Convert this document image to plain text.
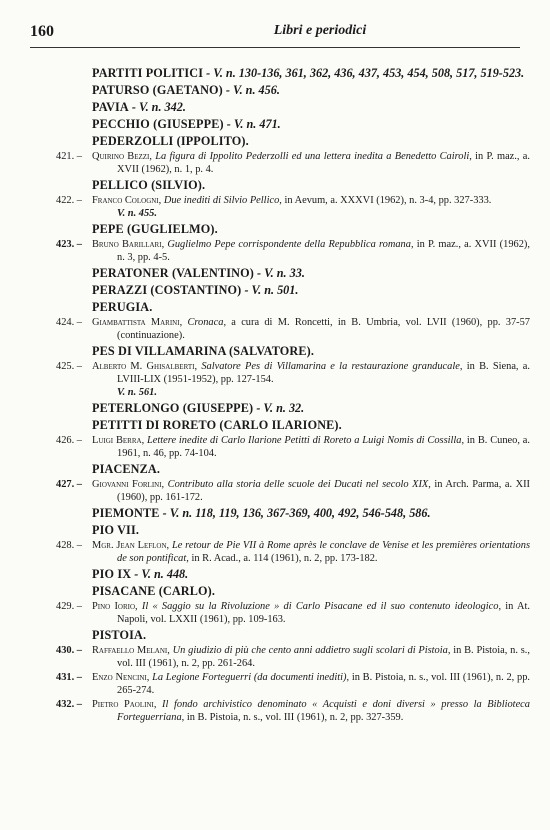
160	Libri e periodici
PARTITI POLITICI - V. n. 130-136, 361, 362, 436, 437, 453, 454, 508, 517, 519-523.
PATURSO (GAETANO) - V. n. 456.
PAVIA - V. n. 342.
PECCHIO (GIUSEPPE) - V. n. 471.
PEDERZOLLI (IPPOLITO).
421. – Quirino Bezzi, La figura di Ippolito Pederzolli ed una lettera inedita a Benedetto Cairoli, in P. maz., a. XVII (1962), n. 1, p. 4.
PELLICO (SILVIO).
422. – Franco Cologni, Due inediti di Silvio Pellico, in Aevum, a. XXXVI (1962), n. 3-4, pp. 327-333.
V. n. 455.
PEPE (GUGLIELMO).
423. – Bruno Barillari, Guglielmo Pepe corrispondente della Repubblica romana, in P. maz., a. XVII (1962), n. 3, pp. 4-5.
PERATONER (VALENTINO) - V. n. 33.
PERAZZI (COSTANTINO) - V. n. 501.
PERUGIA.
424. – Giambattista Marini, Cronaca, a cura di M. Roncetti, in B. Umbria, vol. LVII (1960), pp. 37-57 (continuazione).
PES DI VILLAMARINA (SALVATORE).
425. – Alberto M. Ghisalberti, Salvatore Pes di Villamarina e la restaurazione granducale, in B. Siena, a. LVIII-LIX (1951-1952), pp. 127-154.
V. n. 561.
PETERLONGO (GIUSEPPE) - V. n. 32.
PETITTI DI RORETO (CARLO ILARIONE).
426. – Luigi Berra, Lettere inedite di Carlo Ilarione Petitti di Roreto a Luigi Nomis di Cossilla, in B. Cuneo, a. 1961, n. 46, pp. 74-104.
PIACENZA.
427. – Giovanni Forlini, Contributo alla storia delle scuole dei Ducati nel secolo XIX, in Arch. Parma, a. XII (1960), pp. 161-172.
PIEMONTE - V. n. 118, 119, 136, 367-369, 400, 492, 546-548, 586.
PIO VII.
428. – Mgr. Jean Leflon, Le retour de Pie VII à Rome après le conclave de Venise et les premières orientations de son pontificat, in R. Acad., a. 114 (1961), n. 2, pp. 173-182.
PIO IX - V. n. 448.
PISACANE (CARLO).
429. – Pino Iorio, Il « Saggio su la Rivoluzione » di Carlo Pisacane ed il suo contenuto ideologico, in At. Napoli, vol. LXXII (1961), pp. 109-163.
PISTOIA.
430. – Raffaello Melani, Un giudizio di più che cento anni addietro sugli scolari di Pistoia, in B. Pistoia, n. s., vol. III (1961), n. 2, pp. 261-264.
431. – Enzo Nencini, La Legione Forteguerri (da documenti inediti), in B. Pistoia, n. s., vol. III (1961), n. 2, pp. 265-274.
432. – Pietro Paolini, Il fondo archivistico denominato « Acquisti e doni diversi » presso la Biblioteca Forteguerriana, in B. Pistoia, n. s., vol. III (1961), n. 2, pp. 327-359.
